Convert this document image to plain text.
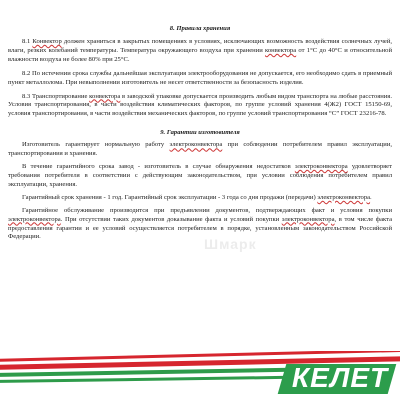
8. Правила хранения

8.1 Конвектор должен храниться в закрытых помещениях в условиях, исключающих возможность воздействия солнечных лучей, влаги, резких колебаний температуры. Температура окружающего воздуха при хранении конвектора от 1°С до 40°С и относительной влажности воздуха не более 80% при 25°С.

8.2 По истечении срока службы дальнейшая эксплуатация электрооборудования не допускается, его необходимо сдать в приемный пункт металлолома. При невыполнении изготовитель не несет ответственности за безопасность изделия.

8.3 Транспортирование конвектора в заводской упаковке допускается производить любым видом транспорта на любые расстояния. Условия транспортирования, в части воздействия климатических факторов, по группе условий хранения 4(Ж2) ГОСТ 15150-69, условия транспортирования, в части воздействия механических факторов, по группе условий транспортирования “С” ГОСТ 23216-78.

9. Гарантии изготовителя

Изготовитель гарантирует нормальную работу электроконвектора при соблюдении потребителем правил эксплуатации, транспортирования и хранения.

В течение гарантийного срока завод - изготовитель в случае обнаружения недостатков электроконвектора удовлетворяет требования потребителя в соответствии с действующим законодательством, при условии соблюдения потребителем правил эксплуатации, хранения.

Гарантийный срок хранения - 1 год. Гарантийный срок эксплуатации - 3 года со дня продажи (передачи) электроконвектора.

Гарантийное обслуживание производится при предъявлении документов, подтверждающих факт и условия покупки электроконвектора. При отсутствии таких документов доказывание факта и условий покупки электроконвектора, в том числе факта предоставления гарантии и ее условий осуществляется потребителем в порядке, установленным законодательством Российской Федерации.	Шмарк
КЕЛЕТ
